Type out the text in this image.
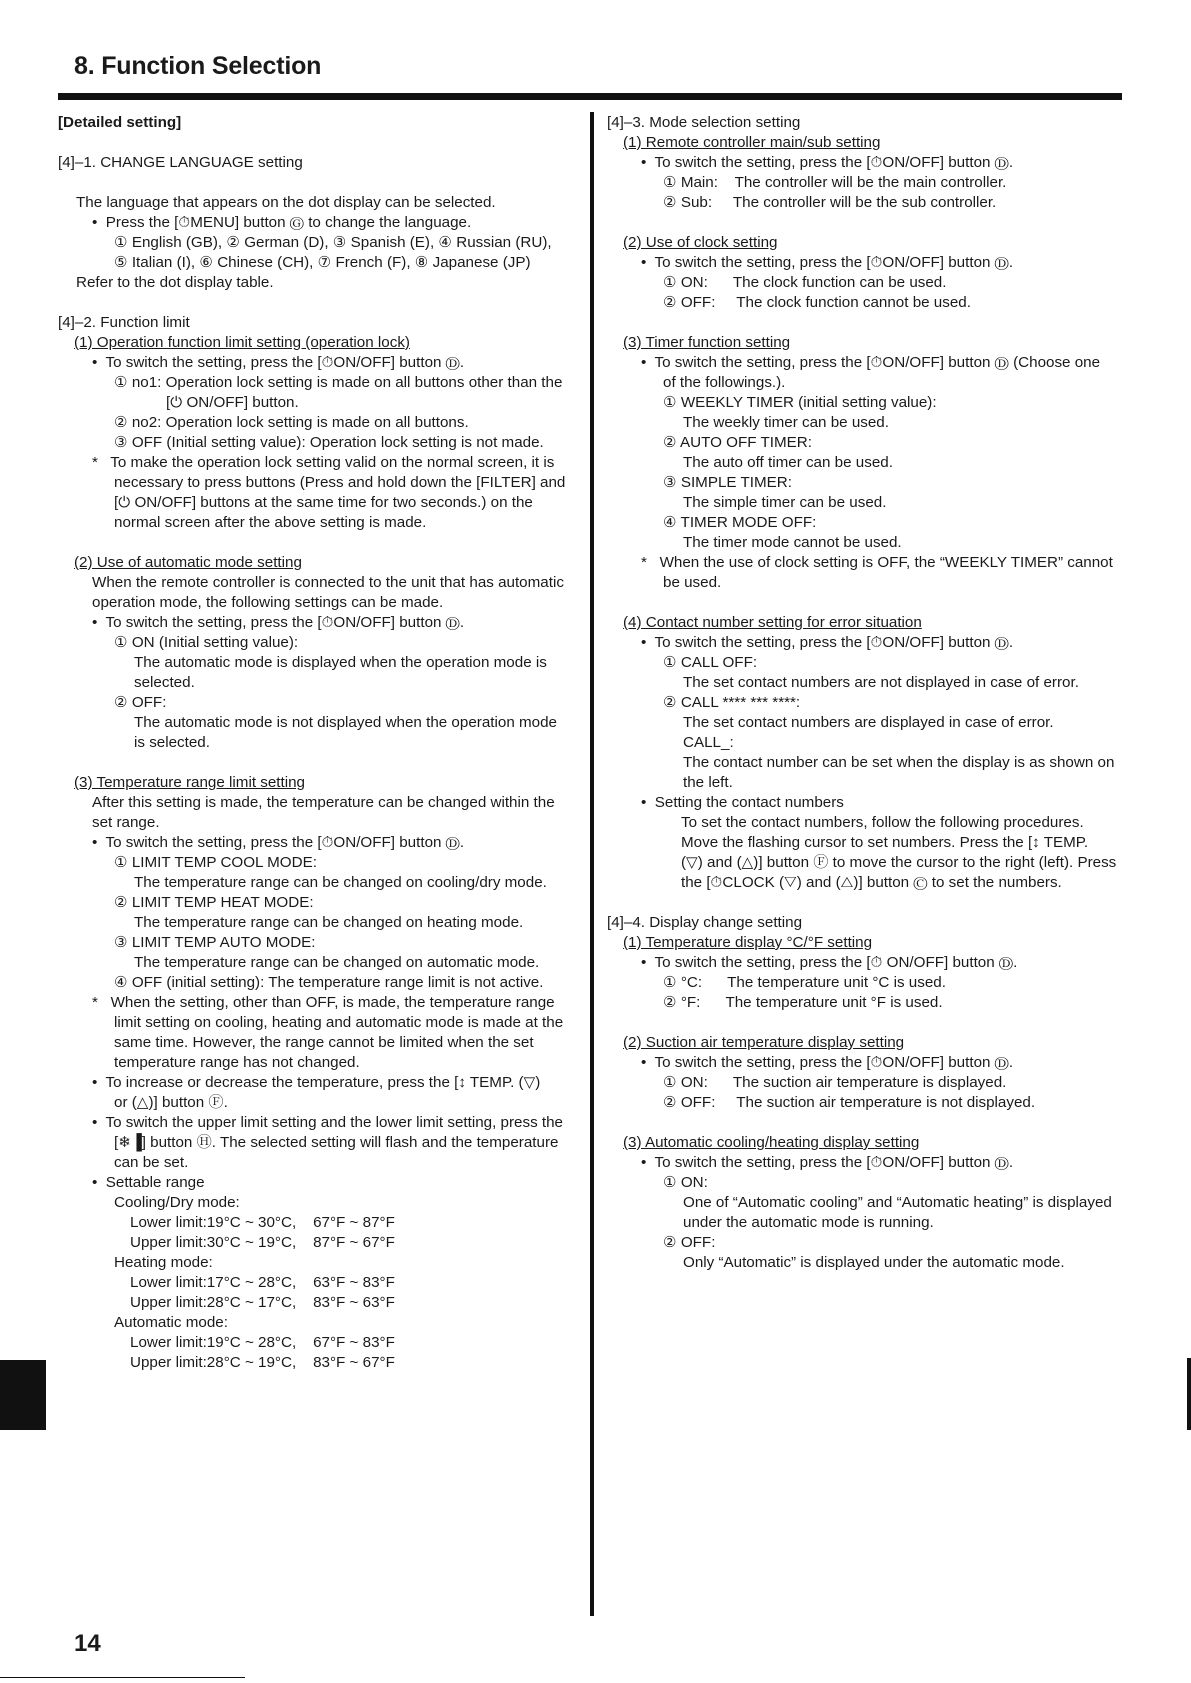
8. Function Selection

[Detailed setting]

[4]–1. CHANGE LANGUAGE setting

The language that appears on the dot display can be selected.

•  Press the [⏱MENU] button Ⓖ to change the language.

① English (GB), ② German (D), ③ Spanish (E), ④ Russian (RU),

⑤ Italian (I), ⑥ Chinese (CH), ⑦ French (F), ⑧ Japanese (JP)

Refer to the dot display table.

[4]–2. Function limit

(1) Operation function limit setting (operation lock)

•  To switch the setting, press the [⏱ON/OFF] button Ⓓ.

① no1: Operation lock setting is made on all buttons other than the

[⏻ ON/OFF] button.

② no2: Operation lock setting is made on all buttons.

③ OFF (Initial setting value): Operation lock setting is not made.

*   To make the operation lock setting valid on the normal screen, it is

necessary to press buttons (Press and hold down the [FILTER] and

[⏻ ON/OFF] buttons at the same time for two seconds.) on the

normal screen after the above setting is made.

(2) Use of automatic mode setting

When the remote controller is connected to the unit that has automatic

operation mode, the following settings can be made.

•  To switch the setting, press the [⏱ON/OFF] button Ⓓ.

① ON (Initial setting value):

The automatic mode is displayed when the operation mode is

selected.

② OFF:

The automatic mode is not displayed when the operation mode

is selected.

(3) Temperature range limit setting

After this setting is made, the temperature can be changed within the

set range.

•  To switch the setting, press the [⏱ON/OFF] button Ⓓ.

① LIMIT TEMP COOL MODE:

The temperature range can be changed on cooling/dry mode.

② LIMIT TEMP HEAT MODE:

The temperature range can be changed on heating mode.

③ LIMIT TEMP AUTO MODE:

The temperature range can be changed on automatic mode.

④ OFF (initial setting): The temperature range limit is not active.

*   When the setting, other than OFF, is made, the temperature range

limit setting on cooling, heating and automatic mode is made at the

same time. However, the range cannot be limited when the set

temperature range has not changed.

•  To increase or decrease the temperature, press the [↕ TEMP. (▽)

or (△)] button Ⓕ.

•  To switch the upper limit setting and the lower limit setting, press the

[❄▐] button Ⓗ. The selected setting will flash and the temperature

can be set.

•  Settable range

Cooling/Dry mode:

Lower limit:19°C ~ 30°C,    67°F ~ 87°F

Upper limit:30°C ~ 19°C,    87°F ~ 67°F

Heating mode:

Lower limit:17°C ~ 28°C,    63°F ~ 83°F

Upper limit:28°C ~ 17°C,    83°F ~ 63°F

Automatic mode:

Lower limit:19°C ~ 28°C,    67°F ~ 83°F

Upper limit:28°C ~ 19°C,    83°F ~ 67°F

[4]–3. Mode selection setting

(1) Remote controller main/sub setting

•  To switch the setting, press the [⏱ON/OFF] button Ⓓ.

① Main:    The controller will be the main controller.

② Sub:     The controller will be the sub controller.

(2) Use of clock setting

•  To switch the setting, press the [⏱ON/OFF] button Ⓓ.

① ON:      The clock function can be used.

② OFF:     The clock function cannot be used.

(3) Timer function setting

•  To switch the setting, press the [⏱ON/OFF] button Ⓓ (Choose one

of the followings.).

① WEEKLY TIMER (initial setting value):

The weekly timer can be used.

② AUTO OFF TIMER:

The auto off timer can be used.

③ SIMPLE TIMER:

The simple timer can be used.

④ TIMER MODE OFF:

The timer mode cannot be used.

*   When the use of clock setting is OFF, the “WEEKLY TIMER” cannot

be used.

(4) Contact number setting for error situation

•  To switch the setting, press the [⏱ON/OFF] button Ⓓ.

① CALL OFF:

The set contact numbers are not displayed in case of error.

② CALL **** *** ****:

The set contact numbers are displayed in case of error.

CALL_:

The contact number can be set when the display is as shown on

the left.

•  Setting the contact numbers

To set the contact numbers, follow the following procedures.

Move the flashing cursor to set numbers. Press the [↕ TEMP.

(▽) and (△)] button Ⓕ to move the cursor to the right (left). Press

the [⏱CLOCK (▽) and (△)] button Ⓒ to set the numbers.

[4]–4. Display change setting

(1) Temperature display °C/°F setting

•  To switch the setting, press the [⏱ ON/OFF] button Ⓓ.

① °C:      The temperature unit °C is used.

② °F:      The temperature unit °F is used.

(2) Suction air temperature display setting

•  To switch the setting, press the [⏱ON/OFF] button Ⓓ.

① ON:      The suction air temperature is displayed.

② OFF:     The suction air temperature is not displayed.

(3) Automatic cooling/heating display setting

•  To switch the setting, press the [⏱ON/OFF] button Ⓓ.

① ON:

One of “Automatic cooling” and “Automatic heating” is displayed

under the automatic mode is running.

② OFF:

Only “Automatic” is displayed under the automatic mode.

14
